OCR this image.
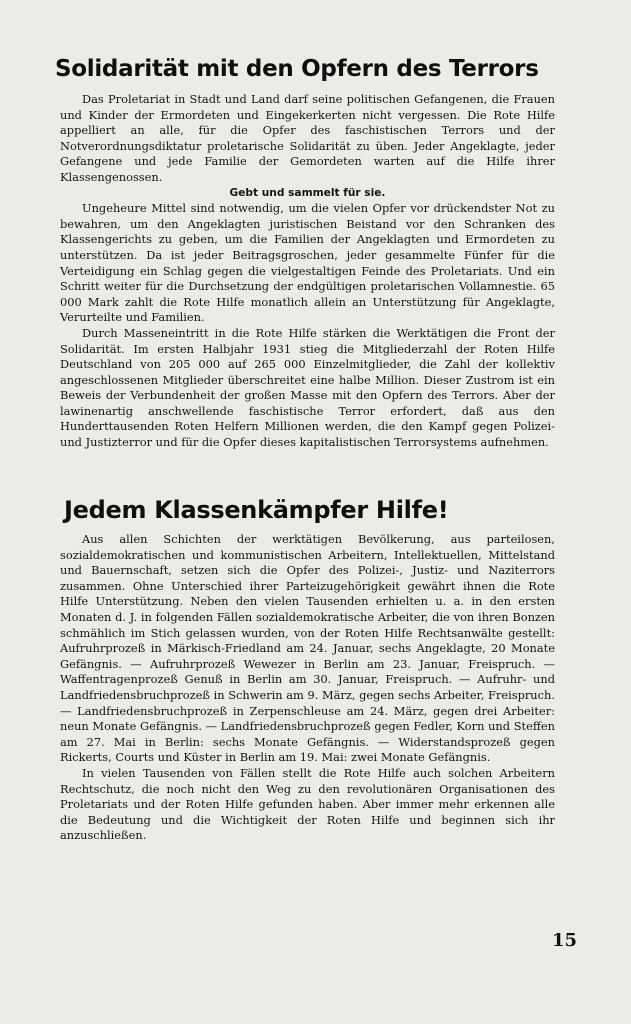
Solidarität mit den Opfern des Terrors

Das Proletariat in Stadt und Land darf seine politischen Gefangenen, die Frauen und Kinder der Ermordeten und Eingekerkerten nicht vergessen. Die Rote Hilfe appelliert an alle, für die Opfer des faschistischen Terrors und der Notverordnungsdiktatur proletarische Solidarität zu üben. Jeder Angeklagte, jeder Gefangene und jede Familie der Gemordeten warten auf die Hilfe ihrer Klassengenossen.

Gebt und sammelt für sie.

Ungeheure Mittel sind notwendig, um die vielen Opfer vor drückendster Not zu bewahren, um den Angeklagten juristischen Beistand vor den Schranken des Klassengerichts zu geben, um die Familien der Angeklagten und Ermordeten zu unterstützen. Da ist jeder Beitragsgroschen, jeder gesammelte Fünfer für die Verteidigung ein Schlag gegen die vielgestaltigen Feinde des Proletariats. Und ein Schritt weiter für die Durchsetzung der endgültigen proletarischen Vollamnestie. 65 000 Mark zahlt die Rote Hilfe monatlich allein an Unterstützung für Angeklagte, Verurteilte und Familien.

Durch Masseneintritt in die Rote Hilfe stärken die Werktätigen die Front der Solidarität. Im ersten Halbjahr 1931 stieg die Mitgliederzahl der Roten Hilfe Deutschland von 205 000 auf 265 000 Einzelmitglieder, die Zahl der kollektiv angeschlossenen Mitglieder überschreitet eine halbe Million. Dieser Zustrom ist ein Beweis der Verbundenheit der großen Masse mit den Opfern des Terrors. Aber der lawinenartig anschwellende faschistische Terror erfordert, daß aus den Hunderttausenden Roten Helfern Millionen werden, die den Kampf gegen Polizei- und Justizterror und für die Opfer dieses kapitalistischen Terrorsystems aufnehmen.

Jedem Klassenkämpfer Hilfe!

Aus allen Schichten der werktätigen Bevölkerung, aus parteilosen, sozialdemokratischen und kommunistischen Arbeitern, Intellektuellen, Mittelstand und Bauernschaft, setzen sich die Opfer des Polizei-, Justiz- und Naziterrors zusammen. Ohne Unterschied ihrer Parteizugehörigkeit gewährt ihnen die Rote Hilfe Unterstützung. Neben den vielen Tausenden erhielten u. a. in den ersten Monaten d. J. in folgenden Fällen sozialdemokratische Arbeiter, die von ihren Bonzen schmählich im Stich gelassen wurden, von der Roten Hilfe Rechtsanwälte gestellt: Aufruhrprozeß in Märkisch-Friedland am 24. Januar, sechs Angeklagte, 20 Monate Gefängnis. — Aufruhrprozeß Wewezer in Berlin am 23. Januar, Freispruch. — Waffentragenprozeß Genuß in Berlin am 30. Januar, Freispruch. — Aufruhr- und Landfriedensbruchprozeß in Schwerin am 9. März, gegen sechs Arbeiter, Freispruch. — Landfriedensbruchprozeß in Zerpenschleuse am 24. März, gegen drei Arbeiter: neun Monate Gefängnis. — Landfriedensbruchprozeß gegen Fedler, Korn und Steffen am 27. Mai in Berlin: sechs Monate Gefängnis. — Widerstandsprozeß gegen Rickerts, Courts und Küster in Berlin am 19. Mai: zwei Monate Gefängnis.

In vielen Tausenden von Fällen stellt die Rote Hilfe auch solchen Arbeitern Rechtschutz, die noch nicht den Weg zu den revolutionären Organisationen des Proletariats und der Roten Hilfe gefunden haben. Aber immer mehr erkennen alle die Bedeutung und die Wichtigkeit der Roten Hilfe und beginnen sich ihr anzuschließen.

15
